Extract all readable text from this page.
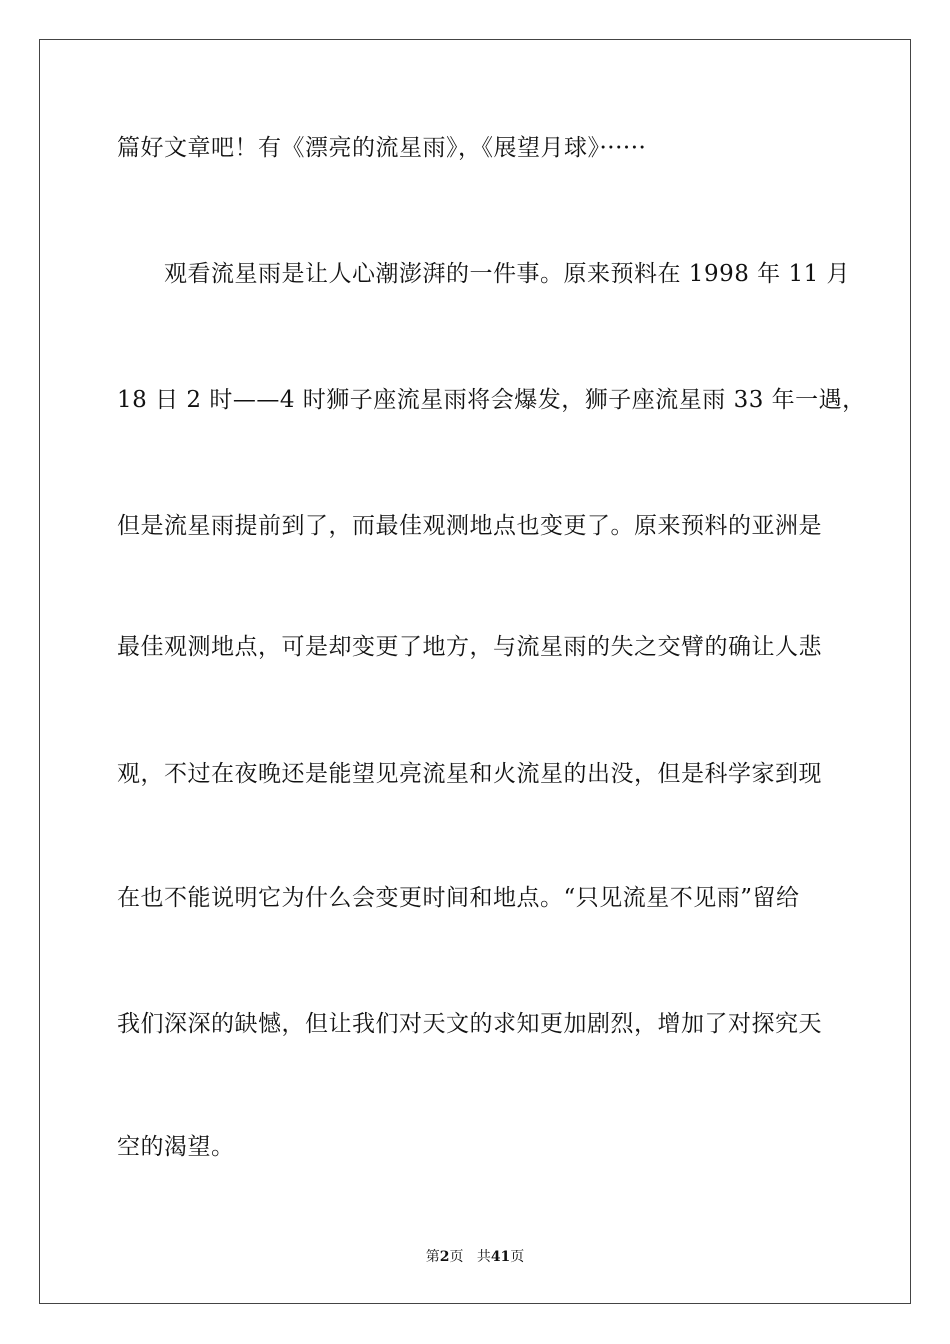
篇好文章吧！有《漂亮的流星雨》，《展望月球》······
　　观看流星雨是让人心潮澎湃的一件事。原来预料在 1998 年 11 月
18 日 2 时——4 时狮子座流星雨将会爆发，狮子座流星雨 33 年一遇，
但是流星雨提前到了，而最佳观测地点也变更了。原来预料的亚洲是
最佳观测地点，可是却变更了地方，与流星雨的失之交臂的确让人悲
观，不过在夜晚还是能望见亮流星和火流星的出没，但是科学家到现
在也不能说明它为什么会变更时间和地点。“只见流星不见雨”留给
我们深深的缺憾，但让我们对天文的求知更加剧烈，增加了对探究天
空的渴望。
第2页 共41页
